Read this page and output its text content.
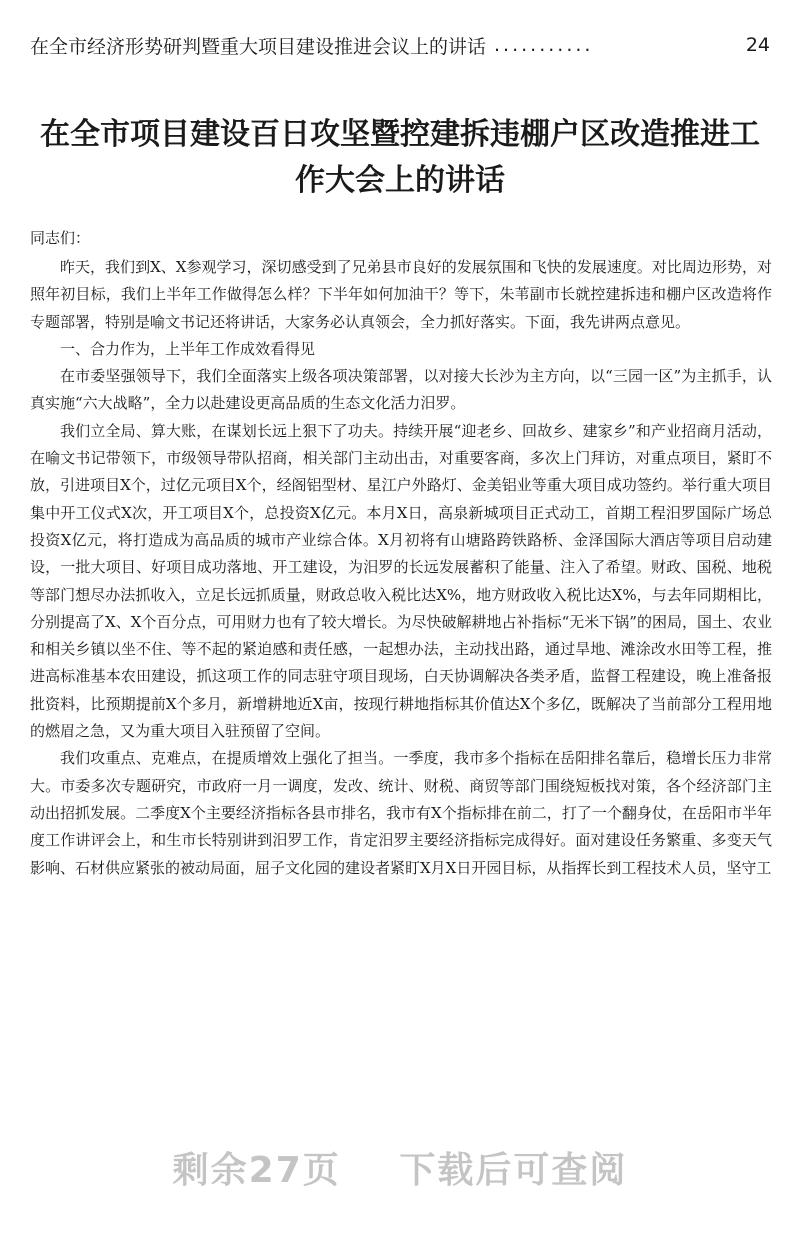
在全市经济形势研判暨重大项目建设推进会议上的讲话 ...........	24
在全市项目建设百日攻坚暨控建拆违棚户区改造推进工作大会上的讲话
同志们：

昨天，我们到X、X参观学习，深切感受到了兄弟县市良好的发展氛围和飞快的发展速度。对比周边形势，对照年初目标，我们上半年工作做得怎么样？下半年如何加油干？等下，朱苇副市长就控建拆违和棚户区改造将作专题部署，特别是喻文书记还将讲话，大家务必认真领会，全力抓好落实。下面，我先讲两点意见。

一、合力作为，上半年工作成效看得见

在市委坚强领导下，我们全面落实上级各项决策部署，以对接大长沙为主方向，以“三园一区”为主抓手，认真实施“六大战略”，全力以赴建设更高品质的生态文化活力汨罗。

我们立全局、算大账，在谋划长远上狠下了功夫。持续开展“迎老乡、回故乡、建家乡”和产业招商月活动，在喻文书记带领下，市级领导带队招商，相关部门主动出击，对重要客商，多次上门拜访，对重点项目，紧盯不放，引进项目X个，过亿元项目X个，经阁铝型材、星江户外路灯、金美铝业等重大项目成功签约。举行重大项目集中开工仪式X次，开工项目X个，总投资X亿元。本月X日，高泉新城项目正式动工，首期工程汨罗国际广场总投资X亿元，将打造成为高品质的城市产业综合体。X月初将有山塘路跨铁路桥、金泽国际大酒店等项目启动建设，一批大项目、好项目成功落地、开工建设，为汨罗的长远发展蓄积了能量、注入了希望。财政、国税、地税等部门想尽办法抓收入，立足长远抓质量，财政总收入税比达X%，地方财政收入税比达X%，与去年同期相比，分别提高了X、X个百分点，可用财力也有了较大增长。为尽快破解耕地占补指标“无米下锅”的困局，国土、农业和相关乡镇以坐不住、等不起的紧迫感和责任感，一起想办法，主动找出路，通过旱地、滩涂改水田等工程，推进高标准基本农田建设，抓这项工作的同志驻守项目现场，白天协调解决各类矛盾，监督工程建设，晚上准备报批资料，比预期提前X个多月，新增耕地近X亩，按现行耕地指标其价值达X个多亿，既解决了当前部分工程用地的燃眉之急，又为重大项目入驻预留了空间。

我们攻重点、克难点，在提质增效上强化了担当。一季度，我市多个指标在岳阳排名靠后，稳增长压力非常大。市委多次专题研究，市政府一月一调度，发改、统计、财税、商贸等部门围绕短板找对策，各个经济部门主动出招抓发展。二季度X个主要经济指标各县市排名，我市有X个指标排在前二，打了一个翻身仗，在岳阳市半年度工作讲评会上，和生市长特别讲到汨罗工作，肯定汨罗主要经济指标完成得好。面对建设任务繁重、多变天气影响、石材供应紧张的被动局面，屈子文化园的建设者紧盯X月X日开园目标，从指挥长到工程技术人员，坚守工

剩余27页 下载后可查阅
